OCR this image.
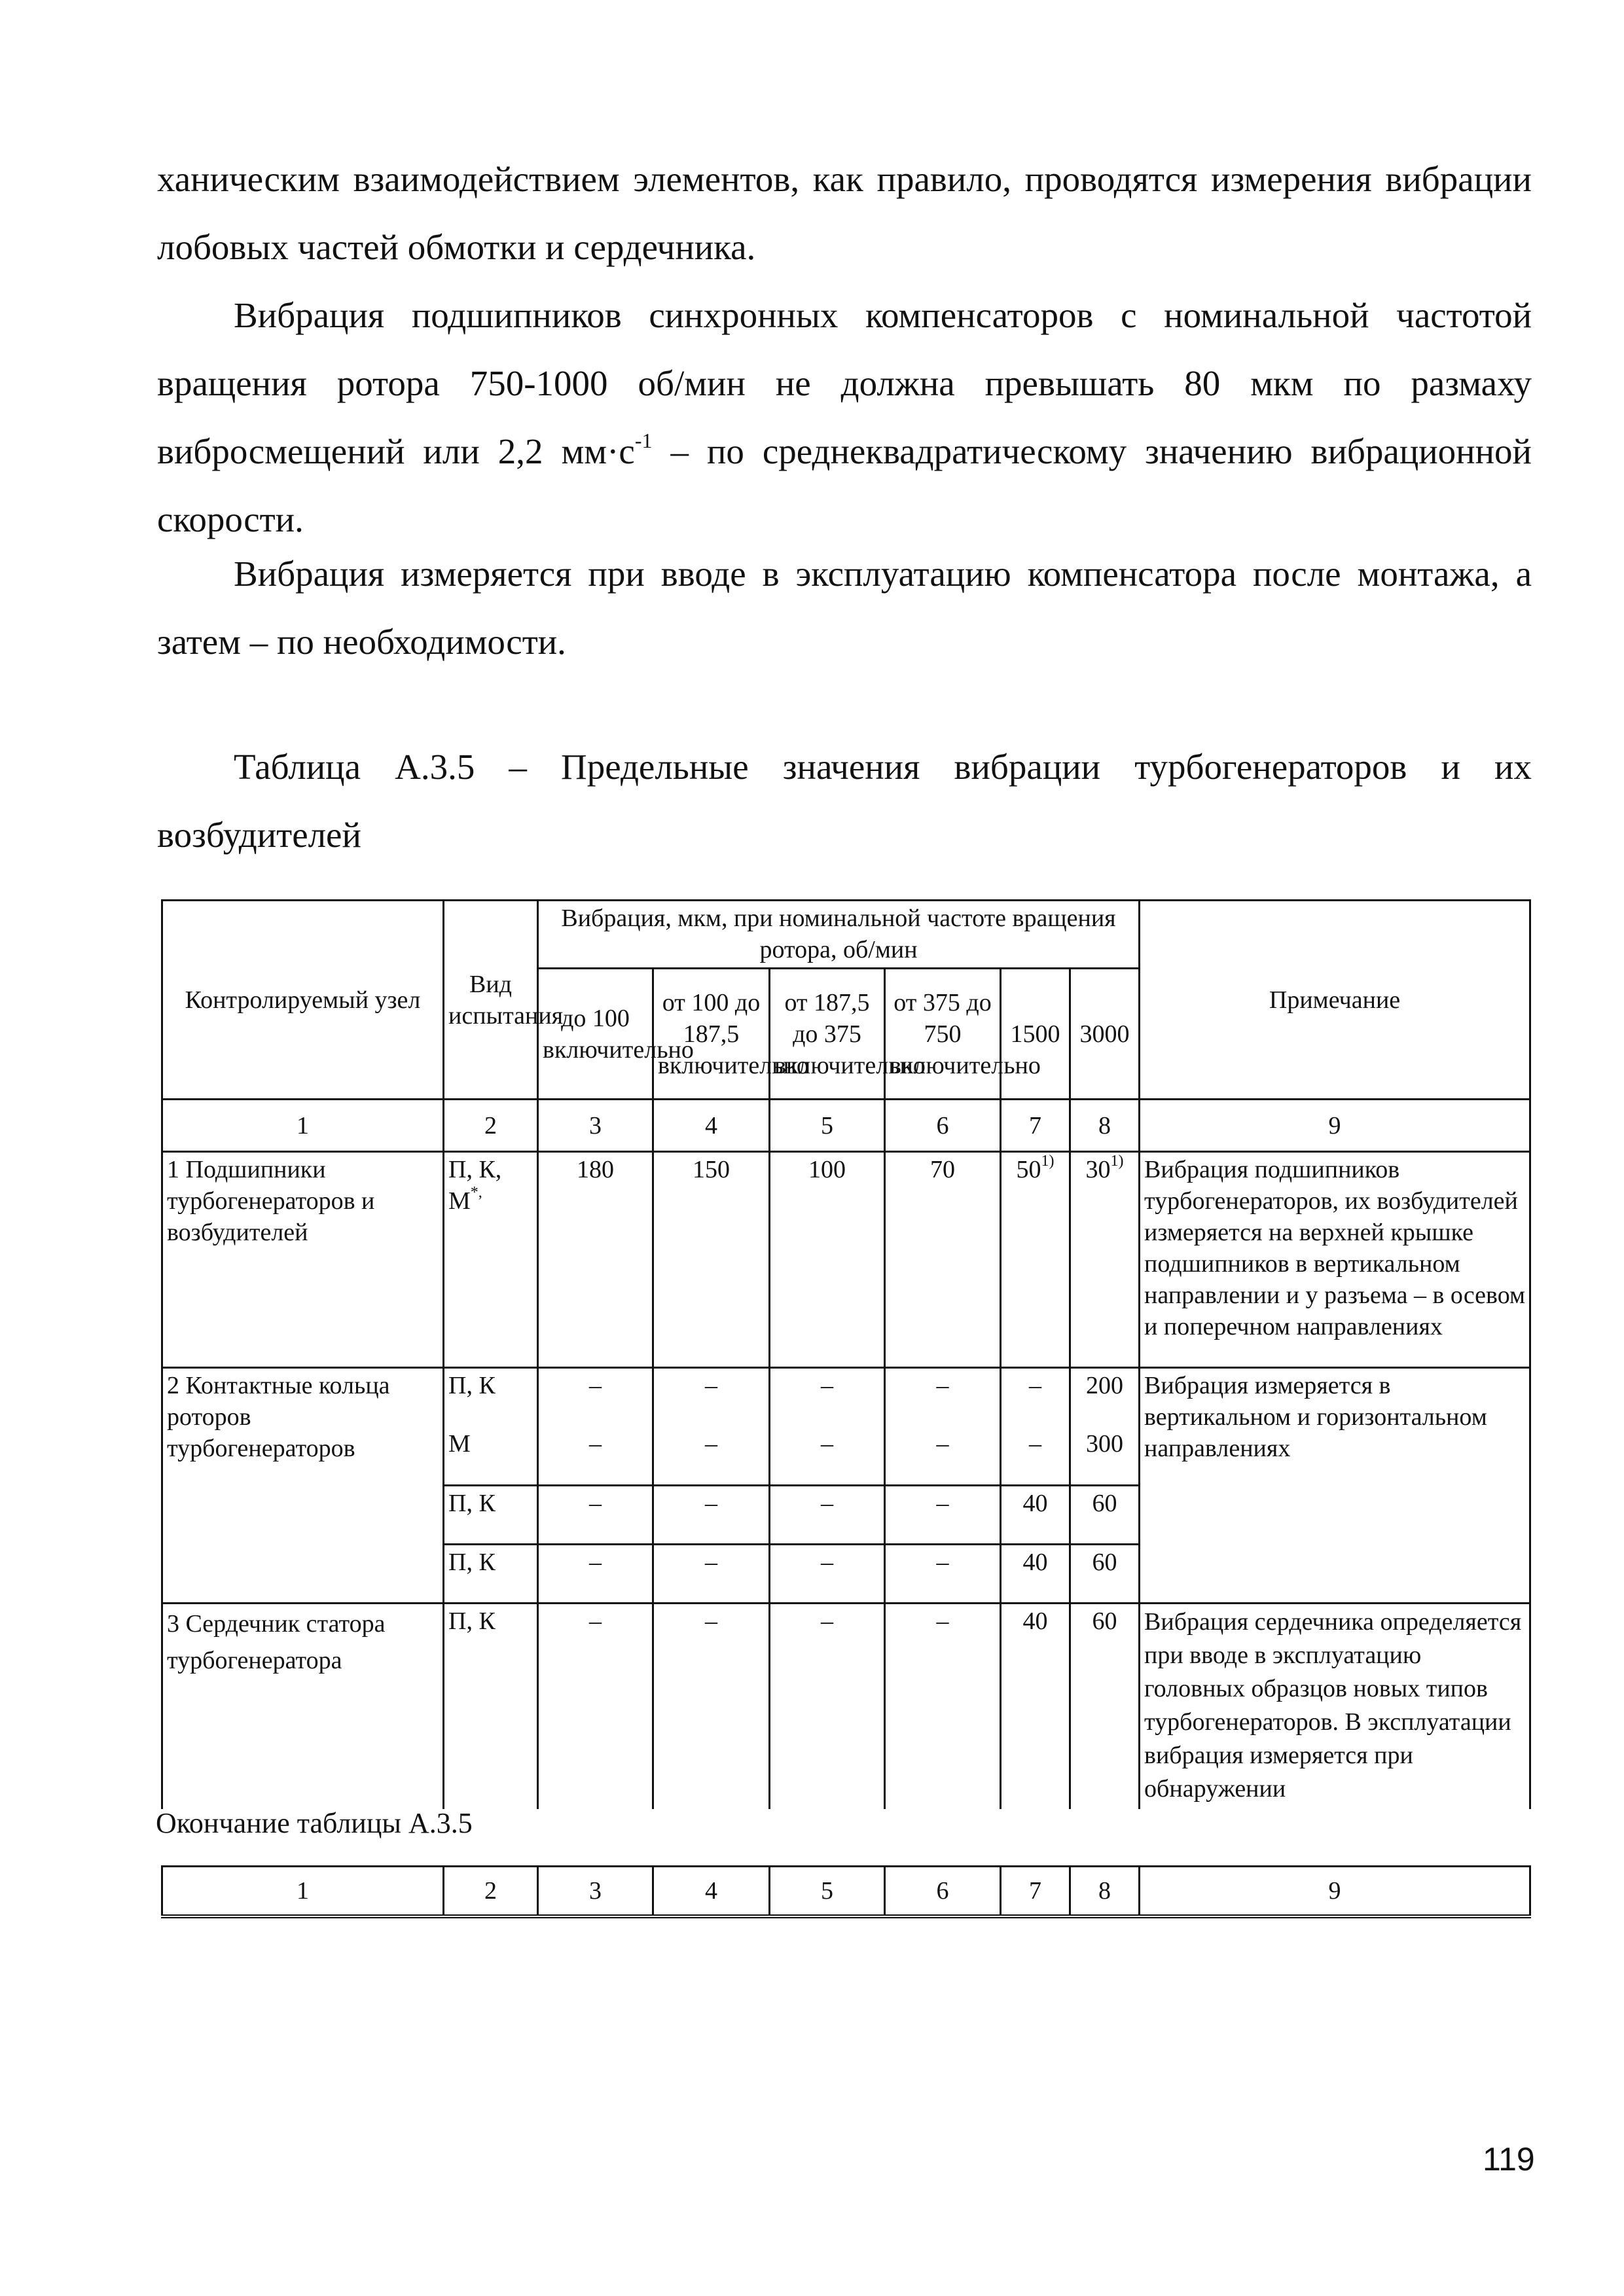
ханическим взаимодействием элементов, как правило, проводятся измерения вибрации лобовых частей обмотки и сердечника.

Вибрация подшипников синхронных компенсаторов с номинальной частотой вращения ротора 750-1000 об/мин не должна превышать 80 мкм по размаху вибросмещений или 2,2 $мм\cdot с^{-1}$ – по среднеквадратическому значению вибрационной скорости.

Вибрация измеряется при вводе в эксплуатацию компенсатора после монтажа, а затем – по необходимости.

Таблица А.3.5 – Предельные значения вибрации турбогенераторов и их возбудителей

Контролируемый узел	Вид испытания	Вибрация, мкм, при номинальной частоте вращения ротора, об/мин						Примечание
		до 100 включительно	от 100 до 187,5 включительно	от 187,5 до 375 включительно	от 375 до 750 включительно	1500	3000	
1	2	3	4	5	6	7	8	9
1 Подшипники турбогенераторов и возбудителей	П, К, М*,	180	150	100	70	50$^{1)}$	30$^{1)}$	Вибрация подшипников турбогенераторов, их возбудителей измеряется на верхней крышке подшипников в вертикальном направлении и у разъема – в осевом и поперечном направлениях
2 Контактные кольца роторов турбогенераторов	П, К	–	–	–	–	–	200	Вибрация измеряется в вертикальном и горизонтальном направлениях
	М	–	–	–	–	–	300	
	П, К	–	–	–	–	40	60	
	П, К	–	–	–	–	40	60	
3 Сердечник статора турбогенератора	П, К	–	–	–	–	40	60	Вибрация сердечника определяется при вводе в эксплуатацию головных образцов новых типов турбогенераторов. В эксплуатации вибрация измеряется при обнаружении
Окончание таблицы А.3.5
1	2	3	4	5	6	7	8	9
119
